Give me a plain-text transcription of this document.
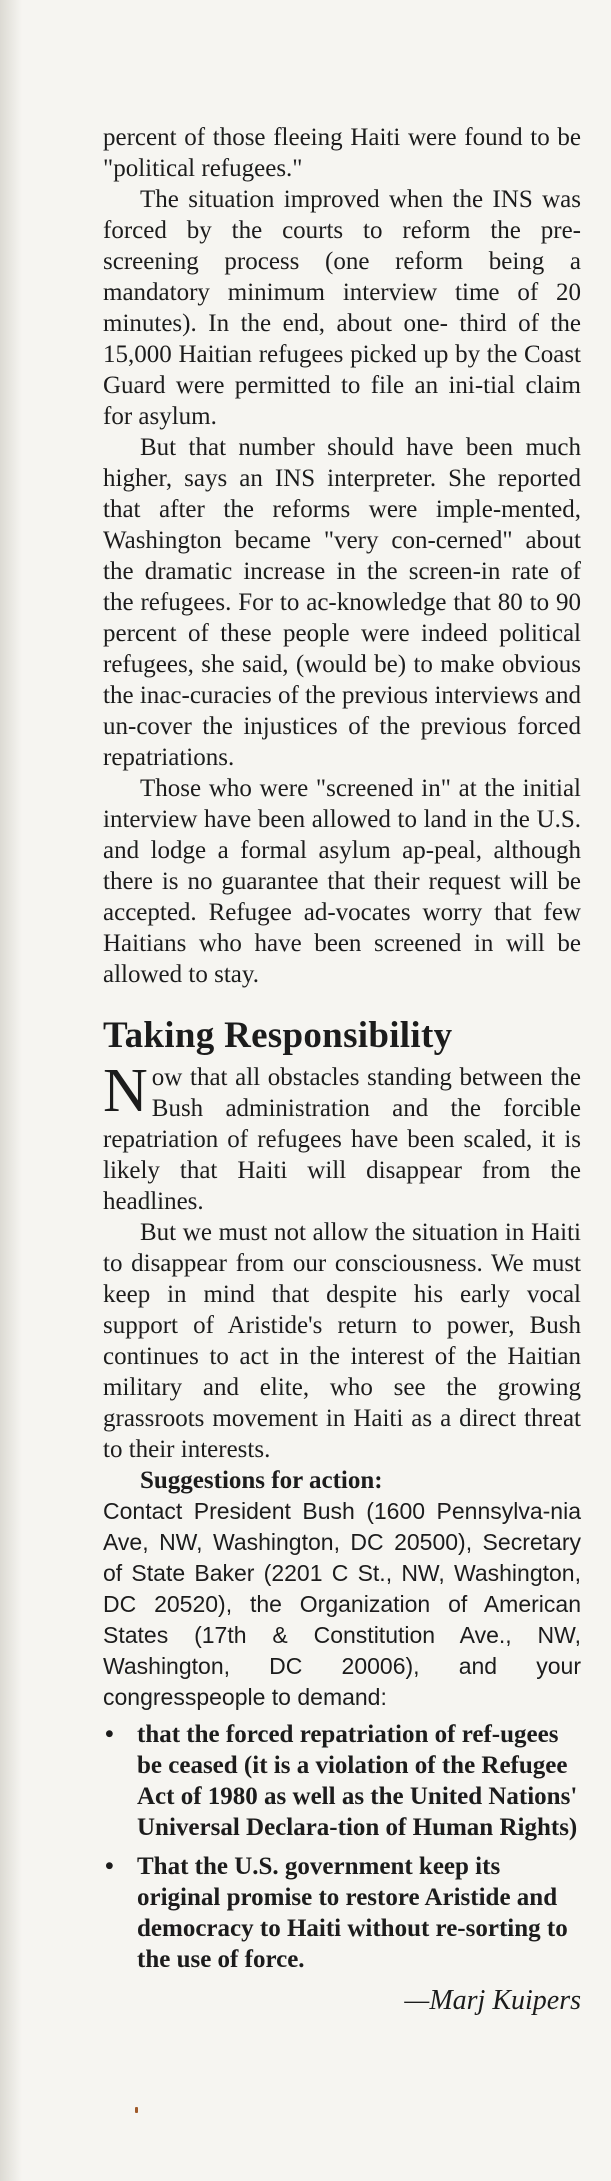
percent of those fleeing Haiti were found to be "political refugees."

The situation improved when the INS was forced by the courts to reform the pre-screening process (one reform being a mandatory minimum interview time of 20 minutes). In the end, about one- third of the 15,000 Haitian refugees picked up by the Coast Guard were permitted to file an ini-tial claim for asylum.

But that number should have been much higher, says an INS interpreter. She reported that after the reforms were imple-mented, Washington became "very con-cerned" about the dramatic increase in the screen-in rate of the refugees. For to ac-knowledge that 80 to 90 percent of these people were indeed political refugees, she said, (would be) to make obvious the inac-curacies of the previous interviews and un-cover the injustices of the previous forced repatriations.

Those who were "screened in" at the initial interview have been allowed to land in the U.S. and lodge a formal asylum ap-peal, although there is no guarantee that their request will be accepted. Refugee ad-vocates worry that few Haitians who have been screened in will be allowed to stay.

Taking Responsibility

Now that all obstacles standing between the Bush administration and the forcible repatriation of refugees have been scaled, it is likely that Haiti will disappear from the headlines.

But we must not allow the situation in Haiti to disappear from our consciousness. We must keep in mind that despite his early vocal support of Aristide's return to power, Bush continues to act in the interest of the Haitian military and elite, who see the growing grassroots movement in Haiti as a direct threat to their interests.

Suggestions for action:

Contact President Bush (1600 Pennsylva-nia Ave, NW, Washington, DC 20500), Secretary of State Baker (2201 C St., NW, Washington, DC 20520), the Organization of American States (17th & Constitution Ave., NW, Washington, DC 20006), and your congresspeople to demand:

• that the forced repatriation of ref-ugees be ceased (it is a violation of the Refugee Act of 1980 as well as the United Nations' Universal Declara-tion of Human Rights)
• That the U.S. government keep its original promise to restore Aristide and democracy to Haiti without re-sorting to the use of force.
—Marj Kuipers
